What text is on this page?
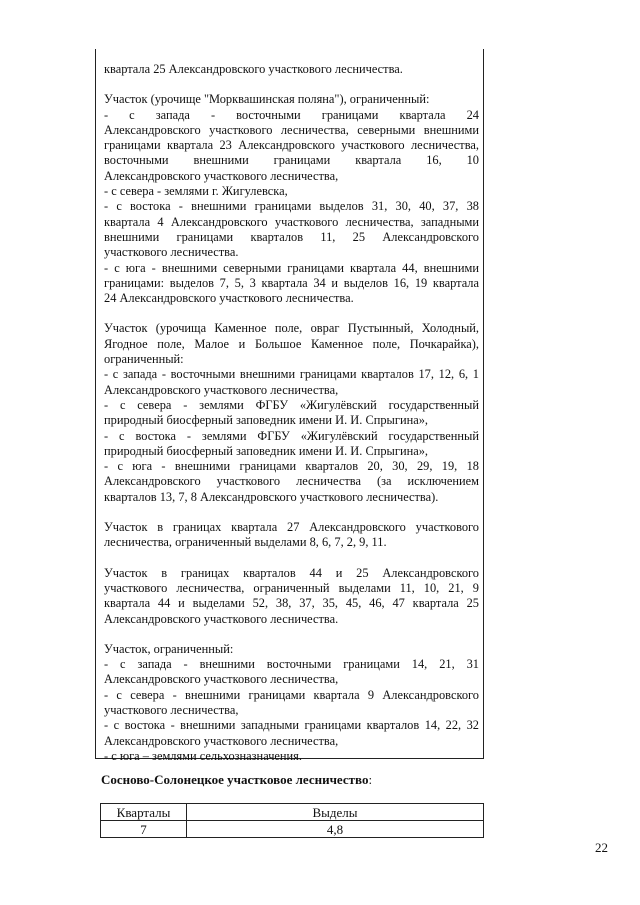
квартала 25 Александровского участкового лесничества.
Участок (урочище "Морквашинская поляна"), ограниченный:
- с запада - восточными границами квартала 24
Александровского участкового лесничества, северными внешними
границами квартала 23 Александровского участкового лесничества,
восточными внешними границами квартала 16, 10
Александровского участкового лесничества,
- с севера - землями г. Жигулевска,
- с востока - внешними границами выделов 31, 30, 40, 37, 38
квартала 4 Александровского участкового лесничества, западными
внешними границами кварталов 11, 25 Александровского
участкового лесничества.
- с юга - внешними северными границами квартала 44, внешними
границами: выделов 7, 5, 3 квартала 34 и выделов 16, 19 квартала
24 Александровского участкового лесничества.
Участок (урочища Каменное поле, овраг Пустынный, Холодный,
Ягодное поле, Малое и Большое Каменное поле, Почкарайка),
ограниченный:
- с запада - восточными внешними границами кварталов 17, 12, 6, 1
Александровского участкового лесничества,
- с севера - землями ФГБУ «Жигулёвский государственный
природный биосферный заповедник имени И. И. Спрыгина»,
- с востока - землями ФГБУ «Жигулёвский государственный
природный биосферный заповедник имени И. И. Спрыгина»,
- с юга - внешними границами кварталов 20, 30, 29, 19, 18
Александровского участкового лесничества (за исключением
кварталов 13, 7, 8 Александровского участкового лесничества).
Участок в границах квартала 27 Александровского участкового
лесничества, ограниченный выделами 8, 6, 7, 2, 9, 11.
Участок в границах кварталов 44 и 25 Александровского
участкового лесничества, ограниченный выделами 11, 10, 21, 9
квартала 44 и выделами 52, 38, 37, 35, 45, 46, 47 квартала 25
Александровского участкового лесничества.
Участок, ограниченный:
- с запада - внешними восточными границами 14, 21, 31
Александровского участкового лесничества,
- с севера - внешними границами квартала 9 Александровского
участкового лесничества,
- с востока - внешними западными границами кварталов 14, 22, 32
Александровского участкового лесничества,
- с юга – землями сельхозназначения.
Сосново-Солонецкое участковое лесничество:
Кварталы	Выделы
7	4,8
22
